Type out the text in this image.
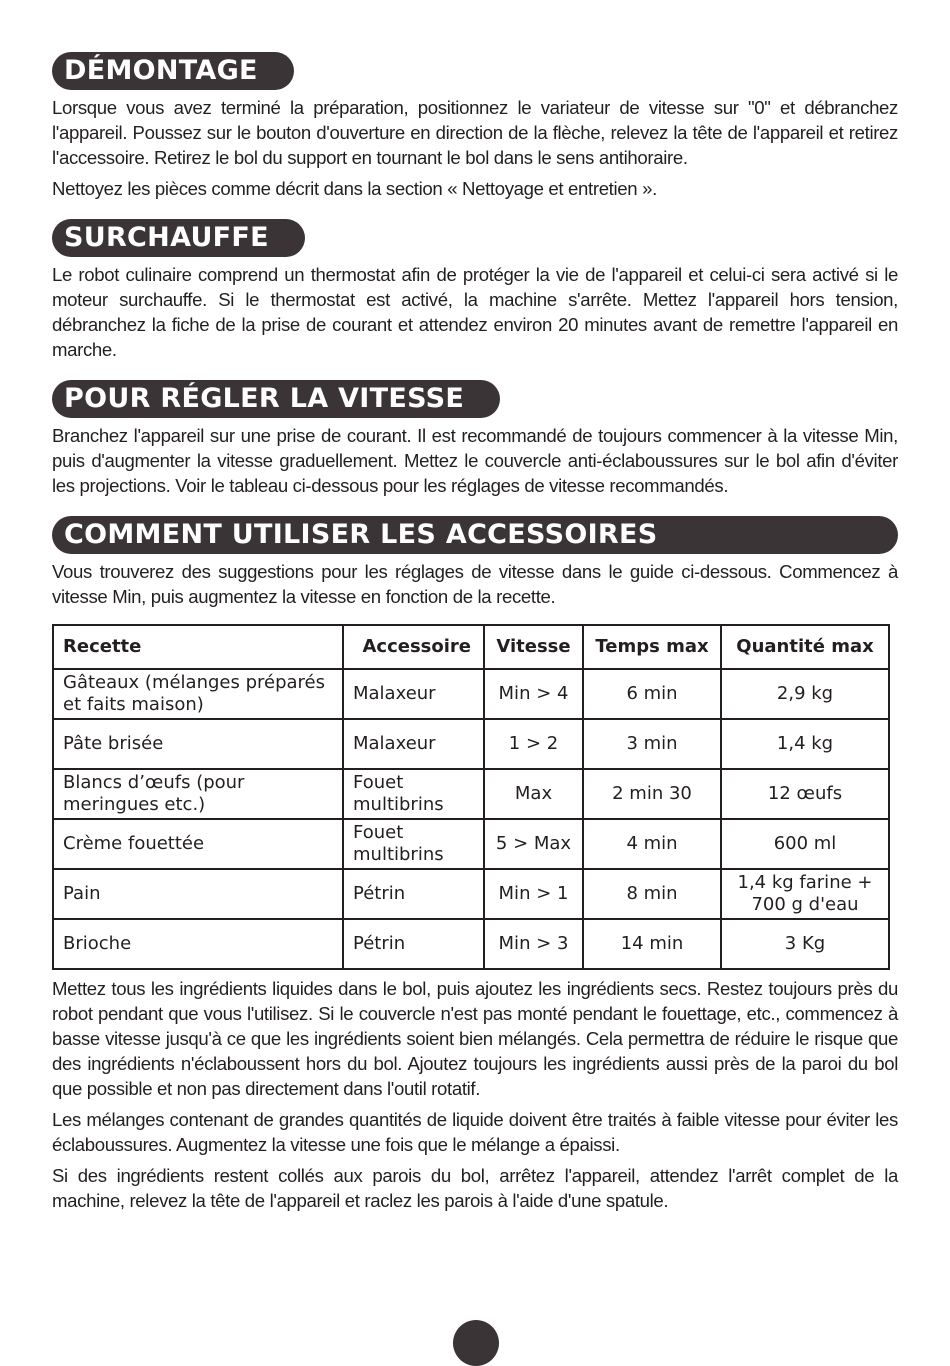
DÉMONTAGE

Lorsque vous avez terminé la préparation, positionnez le variateur de vitesse sur "0" et débranchez l'appareil. Poussez sur le bouton d'ouverture en direction de la flèche, relevez la tête de l'appareil et retirez l'accessoire. Retirez le bol du support en tournant le bol dans le sens antihoraire.

Nettoyez les pièces comme décrit dans la section « Nettoyage et entretien ».

SURCHAUFFE

Le robot culinaire comprend un thermostat afin de protéger la vie de l'appareil et celui-ci sera activé si le moteur surchauffe. Si le thermostat est activé, la machine s'arrête. Mettez l'appareil hors tension, débranchez la fiche de la prise de courant et attendez environ 20 minutes avant de remettre l'appareil en marche.

POUR RÉGLER LA VITESSE

Branchez l'appareil sur une prise de courant. Il est recommandé de toujours commencer à la vitesse Min, puis d'augmenter la vitesse graduellement. Mettez le couvercle anti-éclaboussures sur le bol afin d'éviter les projections. Voir le tableau ci-dessous pour les réglages de vitesse recommandés.

COMMENT UTILISER LES ACCESSOIRES

Vous trouverez des suggestions pour les réglages de vitesse dans le guide ci-dessous. Commencez à vitesse Min, puis augmentez la vitesse en fonction de la recette.

Recette	Accessoire	Vitesse	Temps max	Quantité max
Gâteaux (mélanges préparés et faits maison)	Malaxeur	Min > 4	6 min	2,9 kg
Pâte brisée	Malaxeur	1 > 2	3 min	1,4 kg
Blancs d’œufs (pour meringues etc.)	Fouet multibrins	Max	2 min 30	12 œufs
Crème fouettée	Fouet multibrins	5 > Max	4 min	600 ml
Pain	Pétrin	Min > 1	8 min	1,4 kg farine + 700 g d'eau
Brioche	Pétrin	Min > 3	14 min	3 Kg

Mettez tous les ingrédients liquides dans le bol, puis ajoutez les ingrédients secs. Restez toujours près du robot pendant que vous l'utilisez. Si le couvercle n'est pas monté pendant le fouettage, etc., commencez à basse vitesse jusqu'à ce que les ingrédients soient bien mélangés. Cela permettra de réduire le risque que des ingrédients n'éclaboussent hors du bol. Ajoutez toujours les ingrédients aussi près de la paroi du bol que possible et non pas directement dans l'outil rotatif.

Les mélanges contenant de grandes quantités de liquide doivent être traités à faible vitesse pour éviter les éclaboussures. Augmentez la vitesse une fois que le mélange a épaissi.

Si des ingrédients restent collés aux parois du bol, arrêtez l'appareil, attendez l'arrêt complet de la machine, relevez la tête de l'appareil et raclez les parois à l'aide d'une spatule.
